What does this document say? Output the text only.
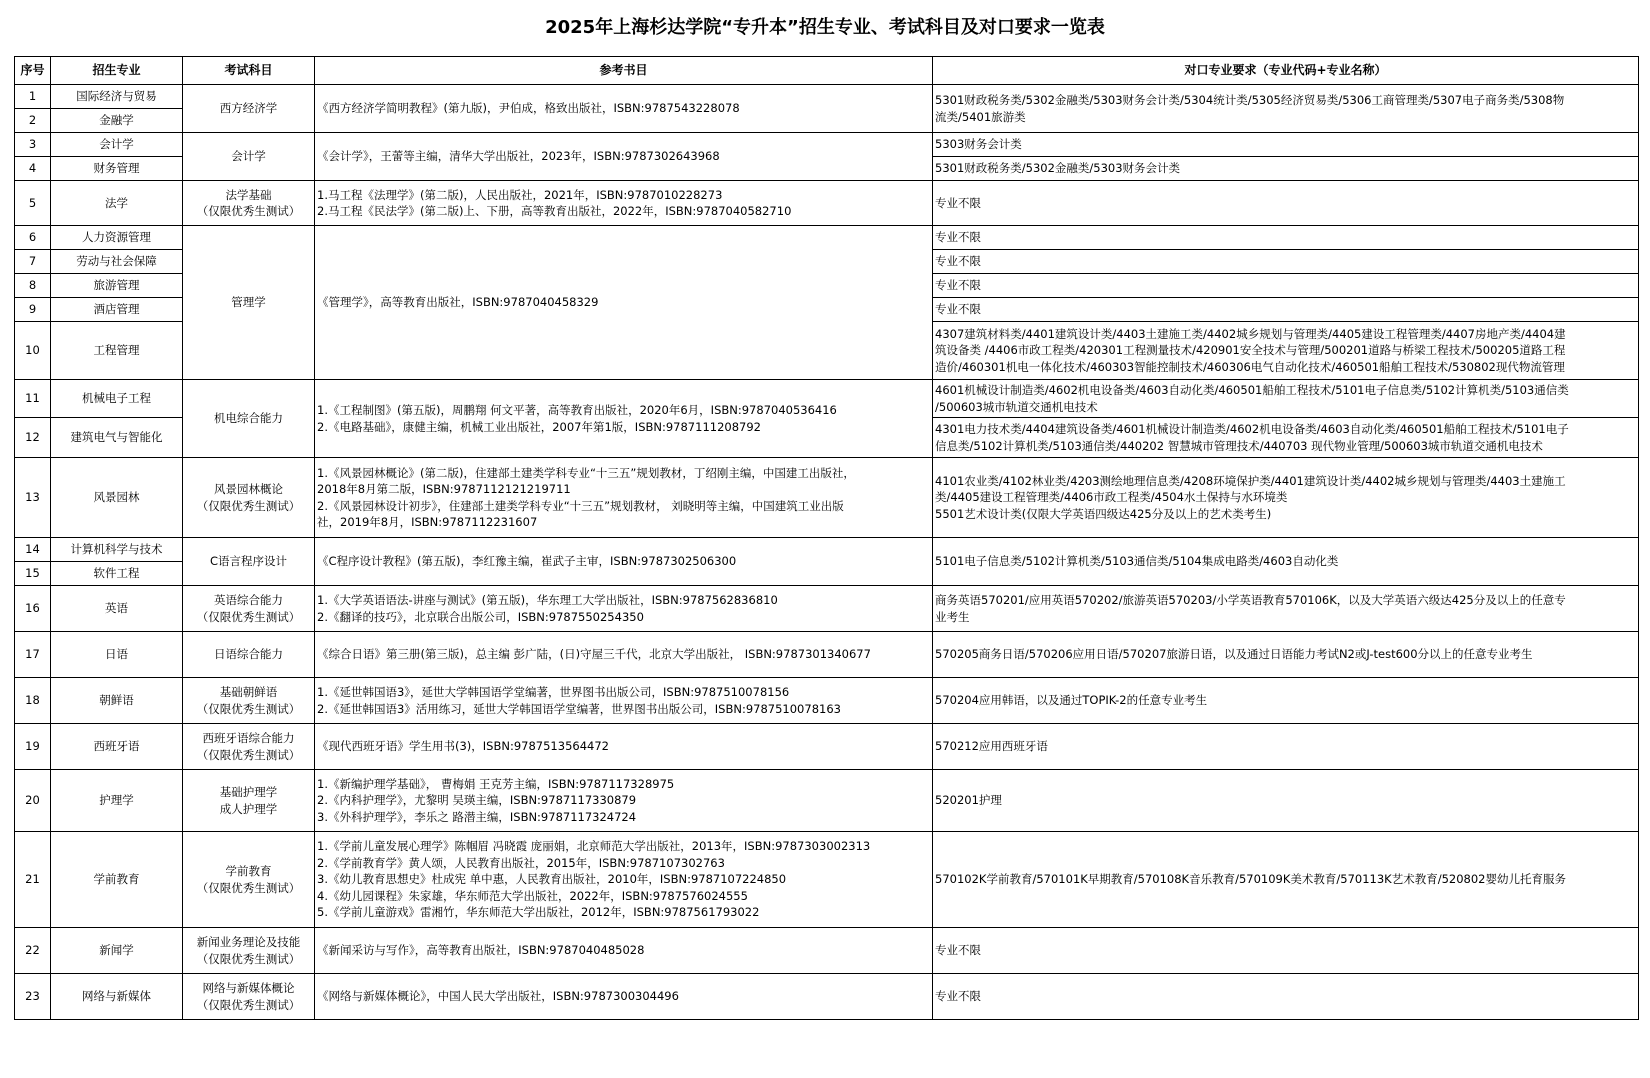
2025年上海杉达学院“专升本”招生专业、考试科目及对口要求一览表
序号	招生专业	考试科目	参考书目	对口专业要求（专业代码+专业名称）
1	国际经济与贸易	西方经济学	《西方经济学简明教程》(第九版)，尹伯成，格致出版社，ISBN:9787543228078	5301财政税务类/5302金融类/5303财务会计类/5304统计类/5305经济贸易类/5306工商管理类/5307电子商务类/5308物
流类/5401旅游类

2	金融学			
3	会计学	会计学	《会计学》，王蕾等主编，清华大学出版社，2023年，ISBN:9787302643968	5303财务会计类

4	财务管理			5301财政税务类/5302金融类/5303财务会计类

5	法学	法学基础
（仅限优秀生测试）	1.马工程《法理学》(第二版)，人民出版社，2021年，ISBN:9787010228273
2.马工程《民法学》(第二版)上、下册，高等教育出版社，2022年，ISBN:9787040582710	专业不限

6	人力资源管理	管理学	《管理学》，高等教育出版社，ISBN:9787040458329	专业不限

7	劳动与社会保障			专业不限

8	旅游管理			专业不限

9	酒店管理			专业不限

10	工程管理			4307建筑材料类/4401建筑设计类/4403土建施工类/4402城乡规划与管理类/4405建设工程管理类/4407房地产类/4404建
筑设备类 /4406市政工程类/420301工程测量技术/420901安全技术与管理/500201道路与桥梁工程技术/500205道路工程
造价/460301机电一体化技术/460303智能控制技术/460306电气自动化技术/460501船舶工程技术/530802现代物流管理

11	机械电子工程	机电综合能力	1.《工程制图》(第五版)，周鹏翔 何文平著，高等教育出版社，2020年6月，ISBN:9787040536416
2.《电路基础》，康健主编，机械工业出版社，2007年第1版，ISBN:9787111208792	4601机械设计制造类/4602机电设备类/4603自动化类/460501船舶工程技术/5101电子信息类/5102计算机类/5103通信类
/500603城市轨道交通机电技术

12	建筑电气与智能化			4301电力技术类/4404建筑设备类/4601机械设计制造类/4602机电设备类/4603自动化类/460501船舶工程技术/5101电子
信息类/5102计算机类/5103通信类/440202 智慧城市管理技术/440703 现代物业管理/500603城市轨道交通机电技术

13	风景园林	风景园林概论
（仅限优秀生测试）	1.《风景园林概论》(第二版)，住建部土建类学科专业“十三五”规划教材，丁绍刚主编，中国建工出版社，
2018年8月第二版，ISBN:9787112121219711
2.《风景园林设计初步》，住建部土建类学科专业“十三五”规划教材， 刘晓明等主编，中国建筑工业出版
社，2019年8月，ISBN:9787112231607	4101农业类/4102林业类/4203测绘地理信息类/4208环境保护类/4401建筑设计类/4402城乡规划与管理类/4403土建施工
类/4405建设工程管理类/4406市政工程类/4504水土保持与水环境类
5501艺术设计类(仅限大学英语四级达425分及以上的艺术类考生)

14	计算机科学与技术	C语言程序设计	《C程序设计教程》(第五版)，李红豫主编，崔武子主审，ISBN:9787302506300	5101电子信息类/5102计算机类/5103通信类/5104集成电路类/4603自动化类

15	软件工程			
16	英语	英语综合能力
（仅限优秀生测试）	1.《大学英语语法-讲座与测试》(第五版)，华东理工大学出版社，ISBN:9787562836810
2.《翻译的技巧》，北京联合出版公司，ISBN:9787550254350	商务英语570201/应用英语570202/旅游英语570203/小学英语教育570106K，以及大学英语六级达425分及以上的任意专
业考生

17	日语	日语综合能力	《综合日语》第三册(第三版)，总主编 彭广陆，(日)守屋三千代，北京大学出版社， ISBN:9787301340677	570205商务日语/570206应用日语/570207旅游日语，以及通过日语能力考试N2或J-test600分以上的任意专业考生

18	朝鲜语	基础朝鲜语
（仅限优秀生测试）	1.《延世韩国语3》，延世大学韩国语学堂编著，世界图书出版公司，ISBN:9787510078156
2.《延世韩国语3》活用练习，延世大学韩国语学堂编著，世界图书出版公司，ISBN:9787510078163	570204应用韩语，以及通过TOPIK-2的任意专业考生

19	西班牙语	西班牙语综合能力
（仅限优秀生测试）	《现代西班牙语》学生用书(3)，ISBN:9787513564472	570212应用西班牙语

20	护理学	基础护理学
成人护理学	1.《新编护理学基础》， 曹梅娟 王克芳主编，ISBN:9787117328975
2.《内科护理学》，尤黎明 吴瑛主编，ISBN:9787117330879
3.《外科护理学》，李乐之 路潜主编，ISBN:9787117324724	520201护理

21	学前教育	学前教育
（仅限优秀生测试）	1.《学前儿童发展心理学》陈帼眉 冯晓霞 庞丽娟，北京师范大学出版社，2013年，ISBN:9787303002313
2.《学前教育学》黄人颂，人民教育出版社，2015年，ISBN:9787107302763
3.《幼儿教育思想史》杜成宪 单中惠，人民教育出版社，2010年，ISBN:9787107224850
4.《幼儿园课程》朱家雄，华东师范大学出版社，2022年，ISBN:9787576024555
5.《学前儿童游戏》雷湘竹，华东师范大学出版社，2012年，ISBN:9787561793022	570102K学前教育/570101K早期教育/570108K音乐教育/570109K美术教育/570113K艺术教育/520802婴幼儿托育服务

22	新闻学	新闻业务理论及技能
（仅限优秀生测试）	《新闻采访与写作》，高等教育出版社，ISBN:9787040485028	专业不限

23	网络与新媒体	网络与新媒体概论
（仅限优秀生测试）	《网络与新媒体概论》，中国人民大学出版社，ISBN:9787300304496	专业不限
